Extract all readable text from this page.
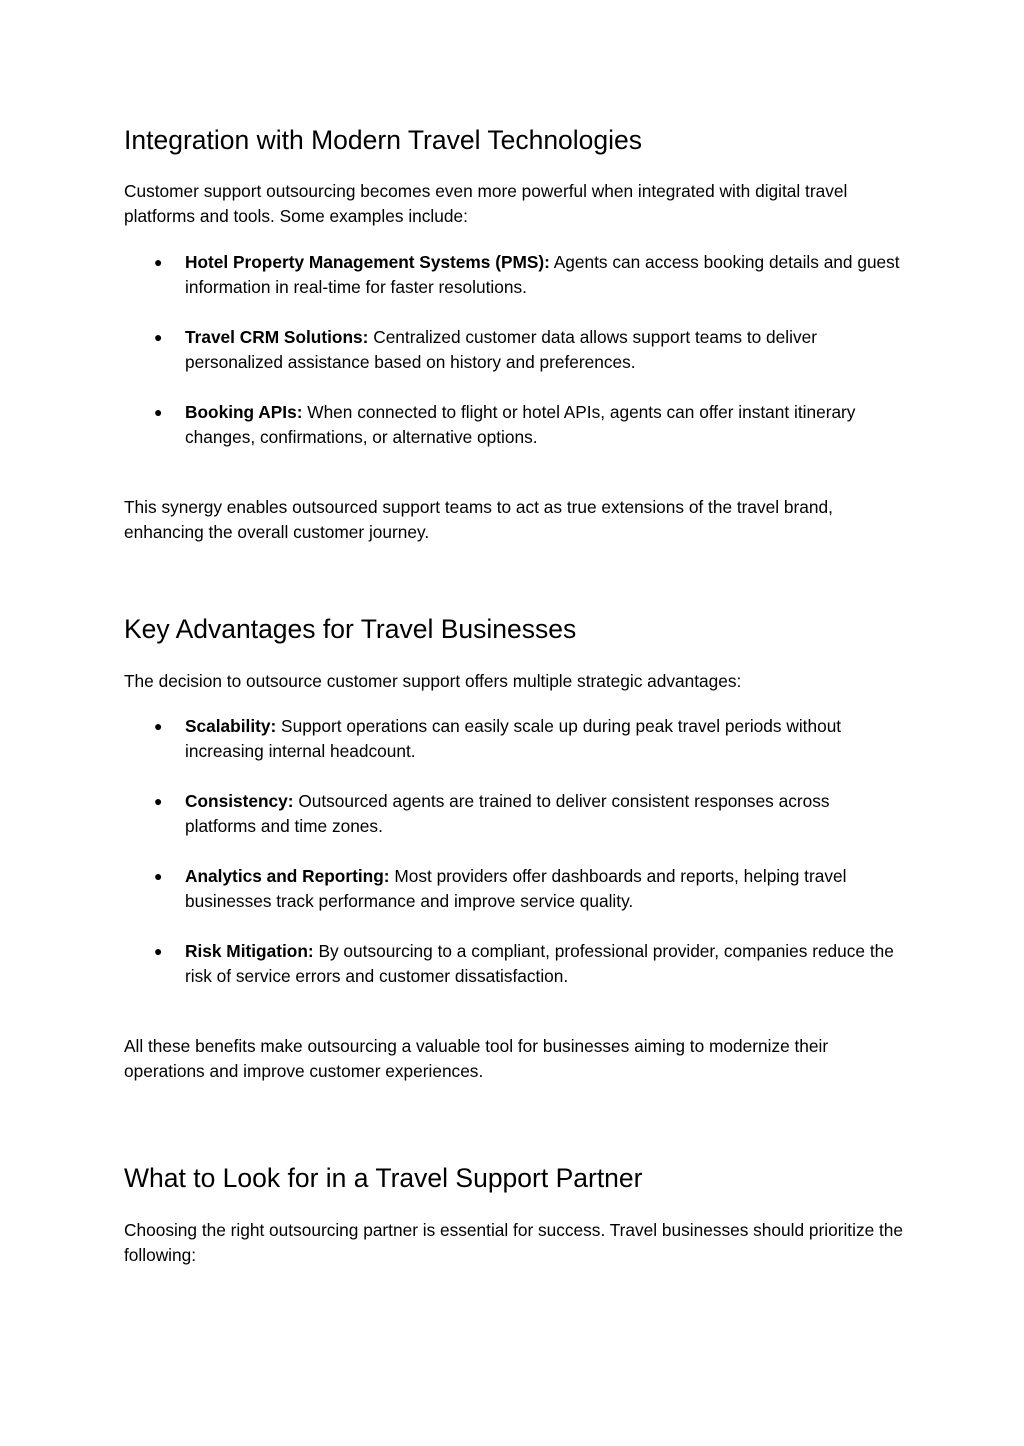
Integration with Modern Travel Technologies

Customer support outsourcing becomes even more powerful when integrated with digital travel platforms and tools. Some examples include:

● Hotel Property Management Systems (PMS): Agents can access booking details and guest information in real-time for faster resolutions.
● Travel CRM Solutions: Centralized customer data allows support teams to deliver personalized assistance based on history and preferences.
● Booking APIs: When connected to flight or hotel APIs, agents can offer instant itinerary changes, confirmations, or alternative options.

This synergy enables outsourced support teams to act as true extensions of the travel brand, enhancing the overall customer journey.

Key Advantages for Travel Businesses

The decision to outsource customer support offers multiple strategic advantages:

● Scalability: Support operations can easily scale up during peak travel periods without increasing internal headcount.
● Consistency: Outsourced agents are trained to deliver consistent responses across platforms and time zones.
● Analytics and Reporting: Most providers offer dashboards and reports, helping travel businesses track performance and improve service quality.
● Risk Mitigation: By outsourcing to a compliant, professional provider, companies reduce the risk of service errors and customer dissatisfaction.

All these benefits make outsourcing a valuable tool for businesses aiming to modernize their operations and improve customer experiences.

What to Look for in a Travel Support Partner

Choosing the right outsourcing partner is essential for success. Travel businesses should prioritize the following:
